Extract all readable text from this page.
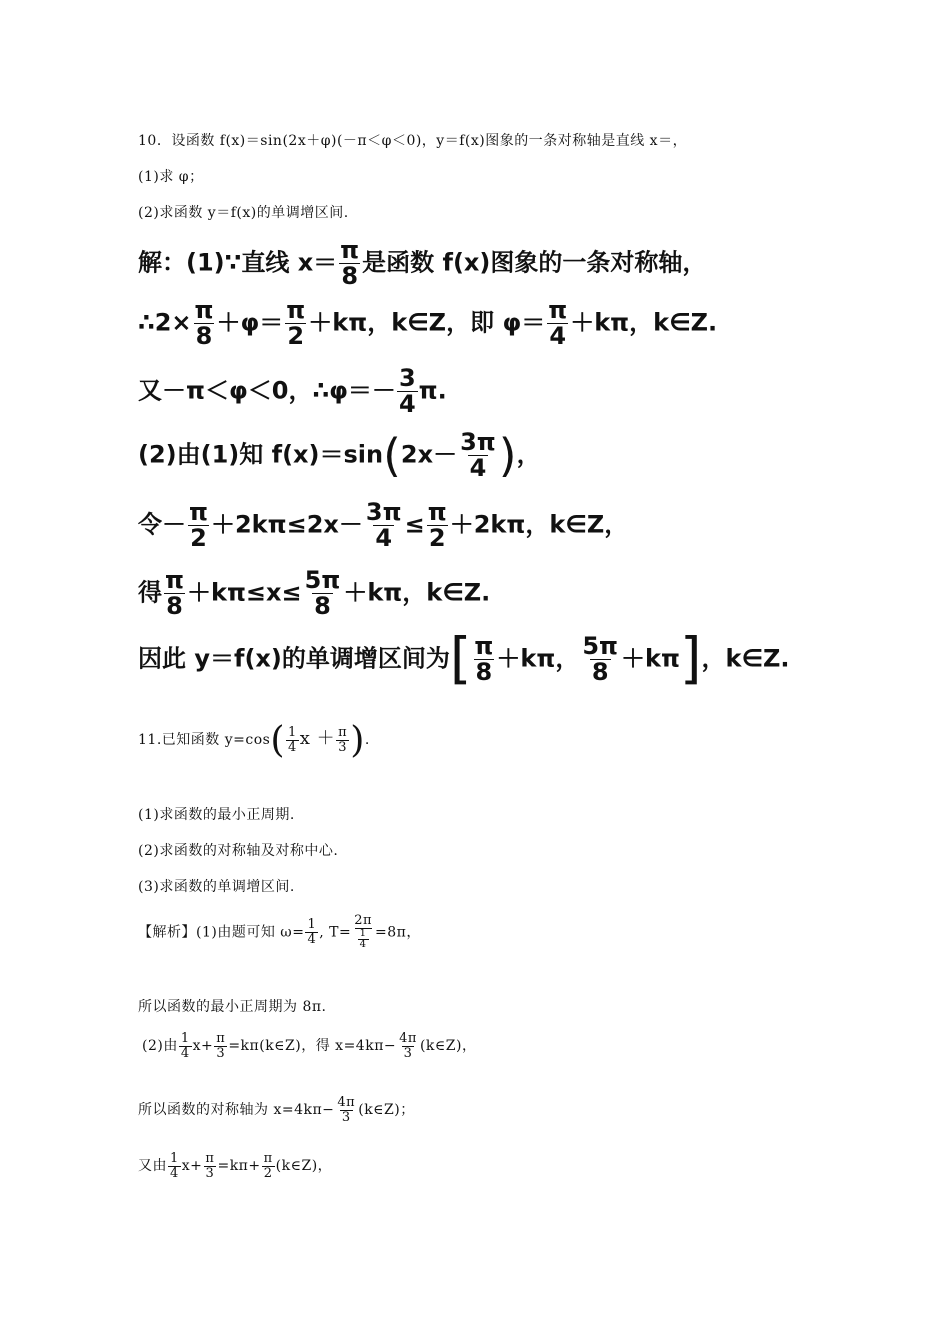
10．设函数 f(x)＝sin(2x＋φ)(－π＜φ＜0)，y＝f(x)图象的一条对称轴是直线 x＝，
(1)求 φ；
(2)求函数 y＝f(x)的单调增区间.
解：(1)∵直线 $x= \frac{\pi}{8}$ 是函数 f(x)图象的一条对称轴，
∴2× $\frac{\pi}{8} +\varphi= \frac{\pi}{2} +k\pi$，k∈Z，即 $\varphi= \frac{\pi}{4} +k\pi$，k∈Z.
又－π＜φ＜0，∴φ＝－ $\frac{3}{4} \pi$.
(2)由(1)知 $f(x)=\sin(2x- \frac{3\pi}{4}$ )，
令－ $\frac{\pi}{2} +2k\pi\le 2x- \frac{3\pi}{4} \le \frac{\pi}{2} +2k\pi$，k∈Z，
得 $\frac{\pi}{8} +k\pi\le x\le \frac{5\pi}{8} +k\pi$，k∈Z.
因此 y＝f(x)的单调增区间为[ $\frac{\pi}{8} +k\pi$， $\frac{5\pi}{8} +k\pi$]，k∈Z.
11.已知函数 $y=\cos( \frac{1}{4}$ $x + \frac{\pi}{3}$ ).
(1)求函数的最小正周期.
(2)求函数的对称轴及对称中心.
(3)求函数的单调增区间.
【解析】(1)由题可知 $\omega= \frac{1}{4}$ , $T= \frac{2\pi}{\frac{1}{4}} =8\pi$，
所以函数的最小正周期为 8π.
(2)由 $\frac{1}{4} x+ \frac{\pi}{3}$ =kπ(k∈Z)，得 $x=4k\pi- \frac{4\pi}{3}$ (k∈Z)，
所以函数的对称轴为 $x=4k\pi- \frac{4\pi}{3}$ (k∈Z)；
又由 $\frac{1}{4} x+ \frac{\pi}{3} =k\pi+ \frac{\pi}{2}$ (k∈Z)，
